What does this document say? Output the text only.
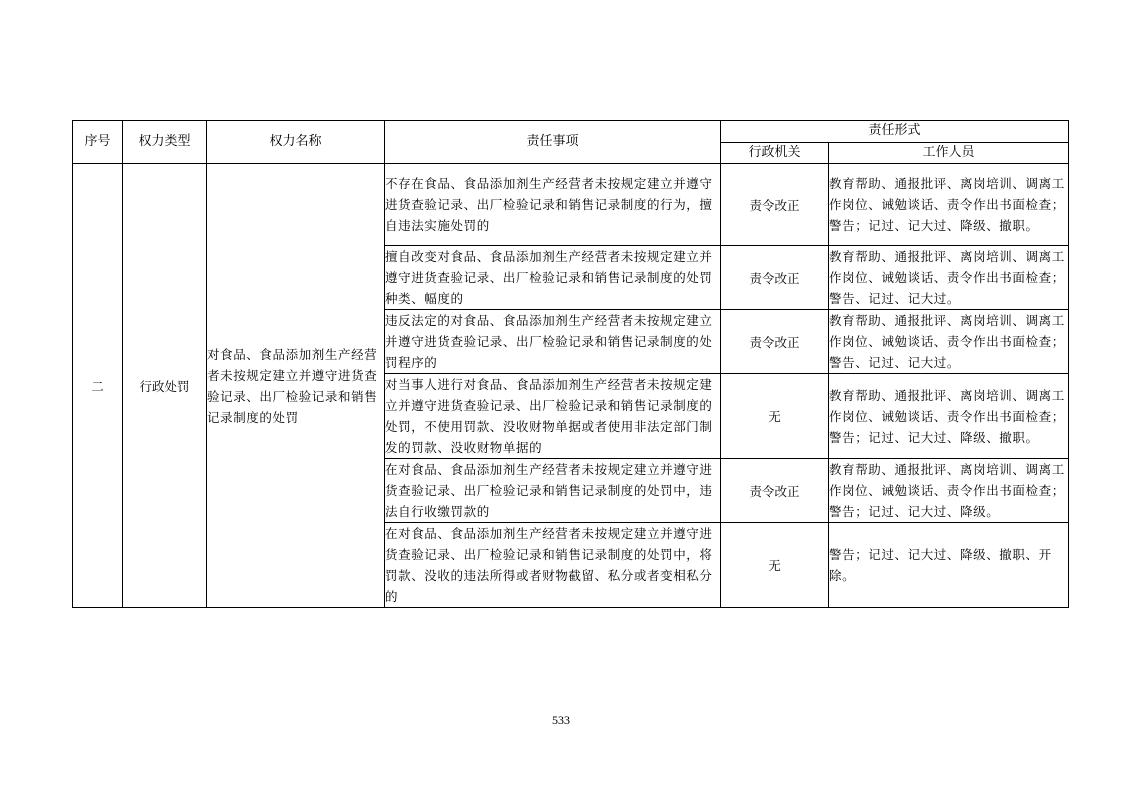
序号	权力类型	权力名称	责任事项	责任形式	
				行政机关	工作人员
二	行政处罚	对食品、食品添加剂生产经营者未按规定建立并遵守进货查验记录、出厂检验记录和销售记录制度的处罚	不存在食品、食品添加剂生产经营者未按规定建立并遵守进货查验记录、出厂检验记录和销售记录制度的行为，擅自违法实施处罚的	责令改正	教育帮助、通报批评、离岗培训、调离工作岗位、诫勉谈话、责令作出书面检查；警告；记过、记大过、降级、撤职。
			擅自改变对食品、食品添加剂生产经营者未按规定建立并遵守进货查验记录、出厂检验记录和销售记录制度的处罚种类、幅度的	责令改正	教育帮助、通报批评、离岗培训、调离工作岗位、诫勉谈话、责令作出书面检查；警告、记过、记大过。
			违反法定的对食品、食品添加剂生产经营者未按规定建立并遵守进货查验记录、出厂检验记录和销售记录制度的处罚程序的	责令改正	教育帮助、通报批评、离岗培训、调离工作岗位、诫勉谈话、责令作出书面检查；警告、记过、记大过。
			对当事人进行对食品、食品添加剂生产经营者未按规定建立并遵守进货查验记录、出厂检验记录和销售记录制度的处罚，不使用罚款、没收财物单据或者使用非法定部门制发的罚款、没收财物单据的	无	教育帮助、通报批评、离岗培训、调离工作岗位、诫勉谈话、责令作出书面检查；警告；记过、记大过、降级、撤职。
			在对食品、食品添加剂生产经营者未按规定建立并遵守进货查验记录、出厂检验记录和销售记录制度的处罚中，违法自行收缴罚款的	责令改正	教育帮助、通报批评、离岗培训、调离工作岗位、诫勉谈话、责令作出书面检查；警告；记过、记大过、降级。
			在对食品、食品添加剂生产经营者未按规定建立并遵守进货查验记录、出厂检验记录和销售记录制度的处罚中，将罚款、没收的违法所得或者财物截留、私分或者变相私分的	无	警告；记过、记大过、降级、撤职、开除。
533
